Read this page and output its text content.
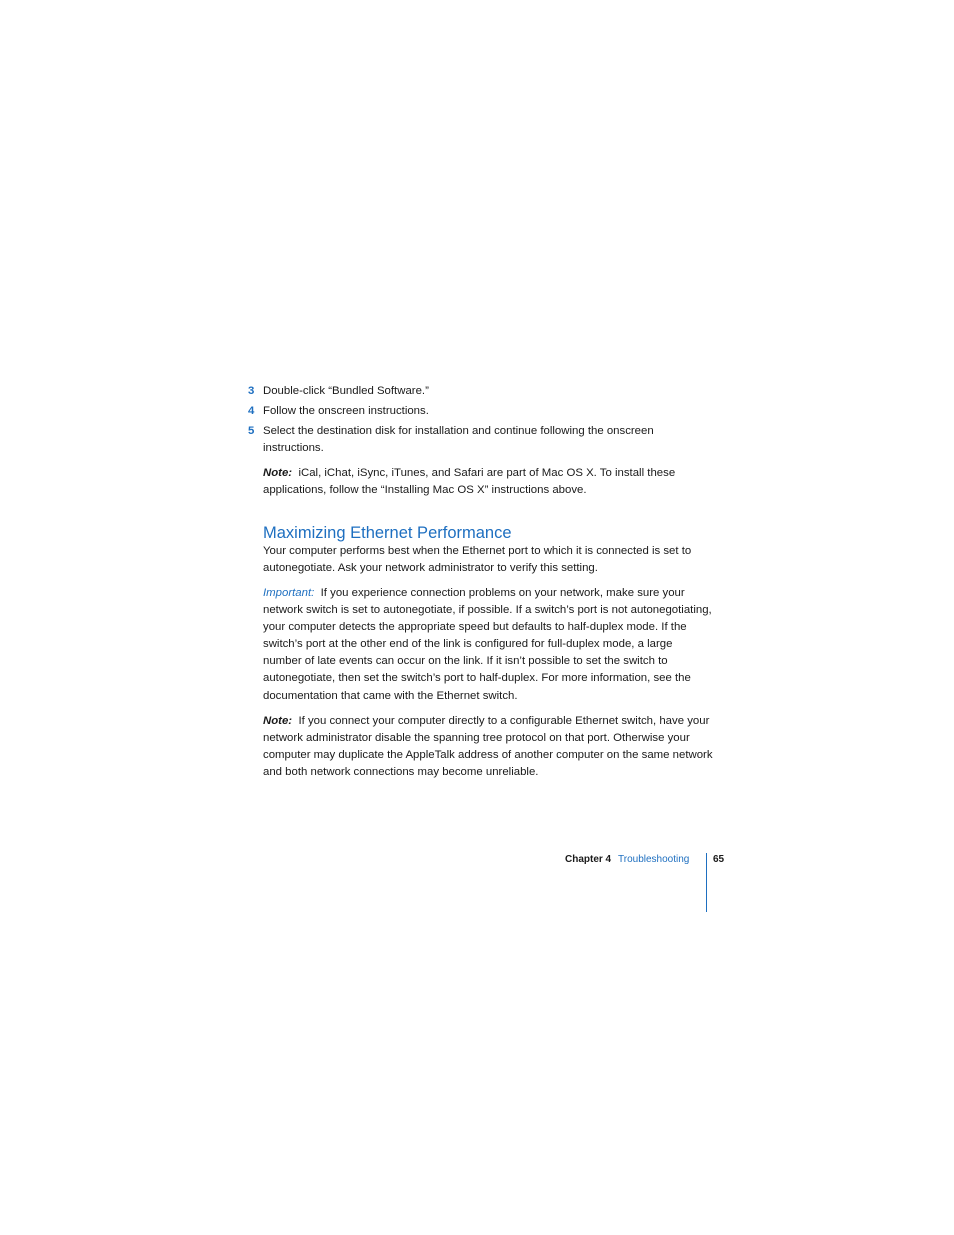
3 Double-click “Bundled Software.”
4 Follow the onscreen instructions.
5 Select the destination disk for installation and continue following the onscreen instructions.
Note: iCal, iChat, iSync, iTunes, and Safari are part of Mac OS X. To install these applications, follow the “Installing Mac OS X” instructions above.
Maximizing Ethernet Performance
Your computer performs best when the Ethernet port to which it is connected is set to autonegotiate. Ask your network administrator to verify this setting.
Important: If you experience connection problems on your network, make sure your network switch is set to autonegotiate, if possible. If a switch’s port is not autonegotiating, your computer detects the appropriate speed but defaults to half-duplex mode. If the switch’s port at the other end of the link is configured for full-duplex mode, a large number of late events can occur on the link. If it isn’t possible to set the switch to autonegotiate, then set the switch’s port to half-duplex. For more information, see the documentation that came with the Ethernet switch.
Note: If you connect your computer directly to a configurable Ethernet switch, have your network administrator disable the spanning tree protocol on that port. Otherwise your computer may duplicate the AppleTalk address of another computer on the same network and both network connections may become unreliable.
Chapter 4 Troubleshooting 65
